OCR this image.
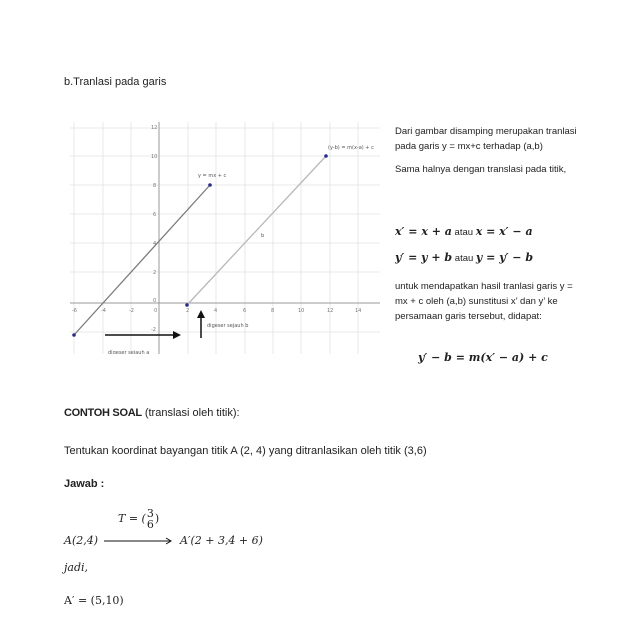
b.Tranlasi pada garis

-6	-4	-2	0	2	4	6	8	10	12	14
12
10
8
6
4
2
0
-2
y = mx + c
(y-b) = m(x-a) + c
b
digeser sejauh a
digeser sejauh b

Dari gambar disamping merupakan tranlasi pada garis y = mx+c terhadap (a,b)

Sama halnya dengan translasi pada titik,

x′ = x + a atau x = x′ − a
y′ = y + b atau y = y′ − b

untuk mendapatkan hasil tranlasi garis y = mx + c oleh (a,b) sunstitusi x’ dan y’ ke persamaan garis tersebut, didapat:

y′ − b = m(x′ − a) + c

CONTOH SOAL (translasi oleh titik):

Tentukan koordinat bayangan titik A (2, 4) yang ditranlasikan oleh titik (3,6)

Jawab :

T = ( 3
6 )

A(2,4)	A′(2 + 3,4 + 6)

jadi,

A′ = (5,10)
